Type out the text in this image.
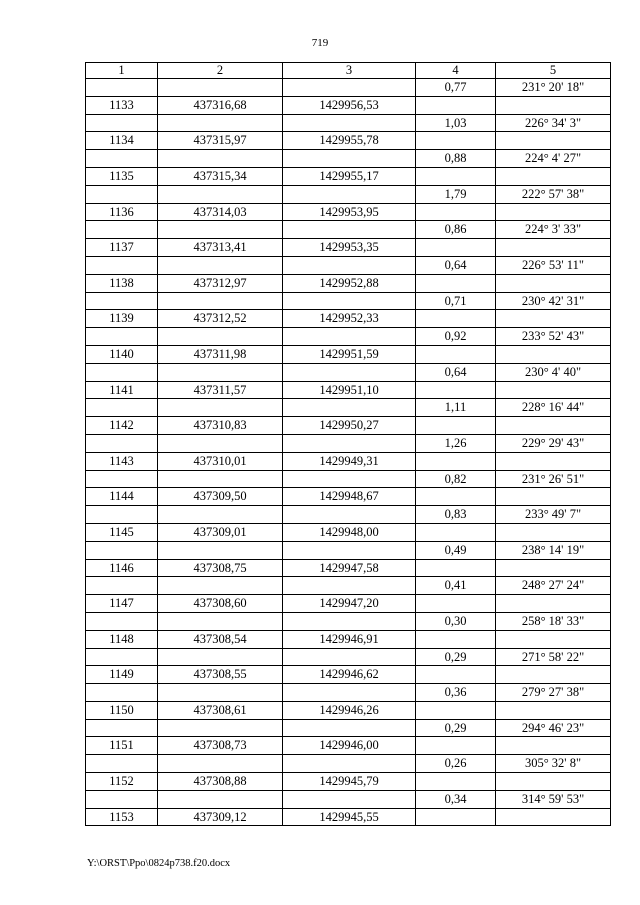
719
1	2	3	4	5
			0,77	231° 20' 18"
1133	437316,68	1429956,53		
			1,03	226° 34' 3"
1134	437315,97	1429955,78		
			0,88	224° 4' 27"
1135	437315,34	1429955,17		
			1,79	222° 57' 38"
1136	437314,03	1429953,95		
			0,86	224° 3' 33"
1137	437313,41	1429953,35		
			0,64	226° 53' 11"
1138	437312,97	1429952,88		
			0,71	230° 42' 31"
1139	437312,52	1429952,33		
			0,92	233° 52' 43"
1140	437311,98	1429951,59		
			0,64	230° 4' 40"
1141	437311,57	1429951,10		
			1,11	228° 16' 44"
1142	437310,83	1429950,27		
			1,26	229° 29' 43"
1143	437310,01	1429949,31		
			0,82	231° 26' 51"
1144	437309,50	1429948,67		
			0,83	233° 49' 7"
1145	437309,01	1429948,00		
			0,49	238° 14' 19"
1146	437308,75	1429947,58		
			0,41	248° 27' 24"
1147	437308,60	1429947,20		
			0,30	258° 18' 33"
1148	437308,54	1429946,91		
			0,29	271° 58' 22"
1149	437308,55	1429946,62		
			0,36	279° 27' 38"
1150	437308,61	1429946,26		
			0,29	294° 46' 23"
1151	437308,73	1429946,00		
			0,26	305° 32' 8"
1152	437308,88	1429945,79		
			0,34	314° 59' 53"
1153	437309,12	1429945,55		
Y:\ORST\Ppo\0824p738.f20.docx
